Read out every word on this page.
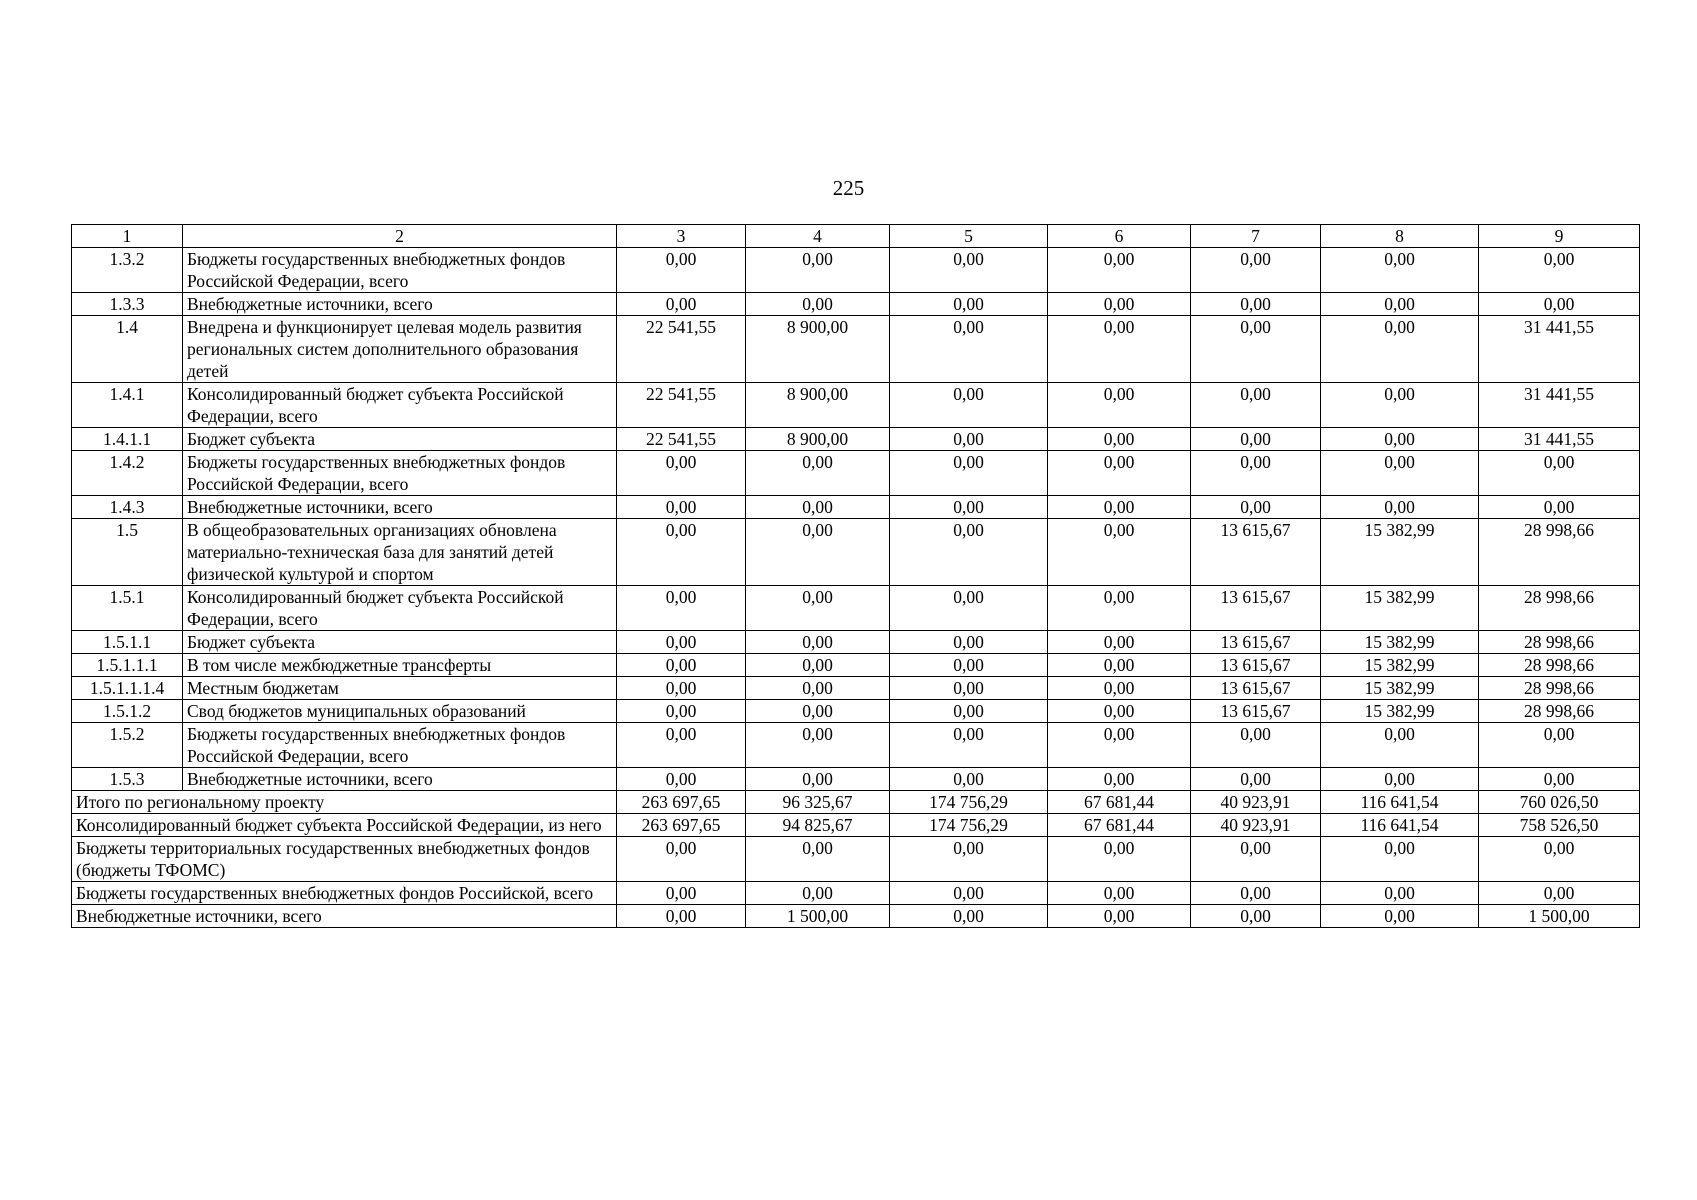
225
1	2	3	4	5	6	7	8	9
1.3.2	Бюджеты государственных внебюджетных фондов Российской Федерации, всего	0,00	0,00	0,00	0,00	0,00	0,00	0,00
1.3.3	Внебюджетные источники, всего	0,00	0,00	0,00	0,00	0,00	0,00	0,00
1.4	Внедрена и функционирует целевая модель развития региональных систем дополнительного образования детей	22 541,55	8 900,00	0,00	0,00	0,00	0,00	31 441,55
1.4.1	Консолидированный бюджет субъекта Российской Федерации, всего	22 541,55	8 900,00	0,00	0,00	0,00	0,00	31 441,55
1.4.1.1	Бюджет субъекта	22 541,55	8 900,00	0,00	0,00	0,00	0,00	31 441,55
1.4.2	Бюджеты государственных внебюджетных фондов Российской Федерации, всего	0,00	0,00	0,00	0,00	0,00	0,00	0,00
1.4.3	Внебюджетные источники, всего	0,00	0,00	0,00	0,00	0,00	0,00	0,00
1.5	В общеобразовательных организациях обновлена материально-техническая база для занятий детей физической культурой и спортом	0,00	0,00	0,00	0,00	13 615,67	15 382,99	28 998,66
1.5.1	Консолидированный бюджет субъекта Российской Федерации, всего	0,00	0,00	0,00	0,00	13 615,67	15 382,99	28 998,66
1.5.1.1	Бюджет субъекта	0,00	0,00	0,00	0,00	13 615,67	15 382,99	28 998,66
1.5.1.1.1	В том числе межбюджетные трансферты	0,00	0,00	0,00	0,00	13 615,67	15 382,99	28 998,66
1.5.1.1.1.4	Местным бюджетам	0,00	0,00	0,00	0,00	13 615,67	15 382,99	28 998,66
1.5.1.2	Свод бюджетов муниципальных образований	0,00	0,00	0,00	0,00	13 615,67	15 382,99	28 998,66
1.5.2	Бюджеты государственных внебюджетных фондов Российской Федерации, всего	0,00	0,00	0,00	0,00	0,00	0,00	0,00
1.5.3	Внебюджетные источники, всего	0,00	0,00	0,00	0,00	0,00	0,00	0,00
Итого по региональному проекту		263 697,65	96 325,67	174 756,29	67 681,44	40 923,91	116 641,54	760 026,50
Консолидированный бюджет субъекта Российской Федерации, из него		263 697,65	94 825,67	174 756,29	67 681,44	40 923,91	116 641,54	758 526,50
Бюджеты территориальных государственных внебюджетных фондов (бюджеты ТФОМС)		0,00	0,00	0,00	0,00	0,00	0,00	0,00
Бюджеты государственных внебюджетных фондов Российской, всего		0,00	0,00	0,00	0,00	0,00	0,00	0,00
Внебюджетные источники, всего		0,00	1 500,00	0,00	0,00	0,00	0,00	1 500,00
